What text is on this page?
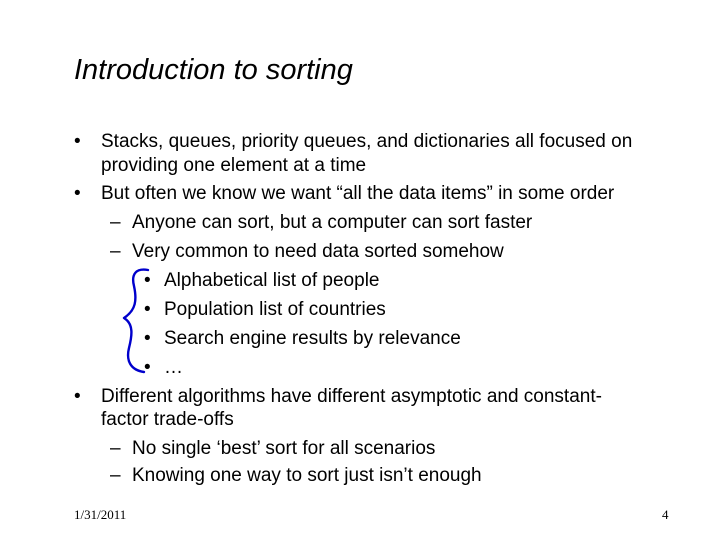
Introduction to sorting
• Stacks, queues, priority queues, and dictionaries all focused on
providing one element at a time
• But often we know we want “all the data items” in some order
– Anyone can sort, but a computer can sort faster
– Very common to need data sorted somehow
• Alphabetical list of people
• Population list of countries
• Search engine results by relevance
• …
• Different algorithms have different asymptotic and constant-
factor trade-offs
– No single ‘best’ sort for all scenarios
– Knowing one way to sort just isn’t enough
1/31/2011	4
